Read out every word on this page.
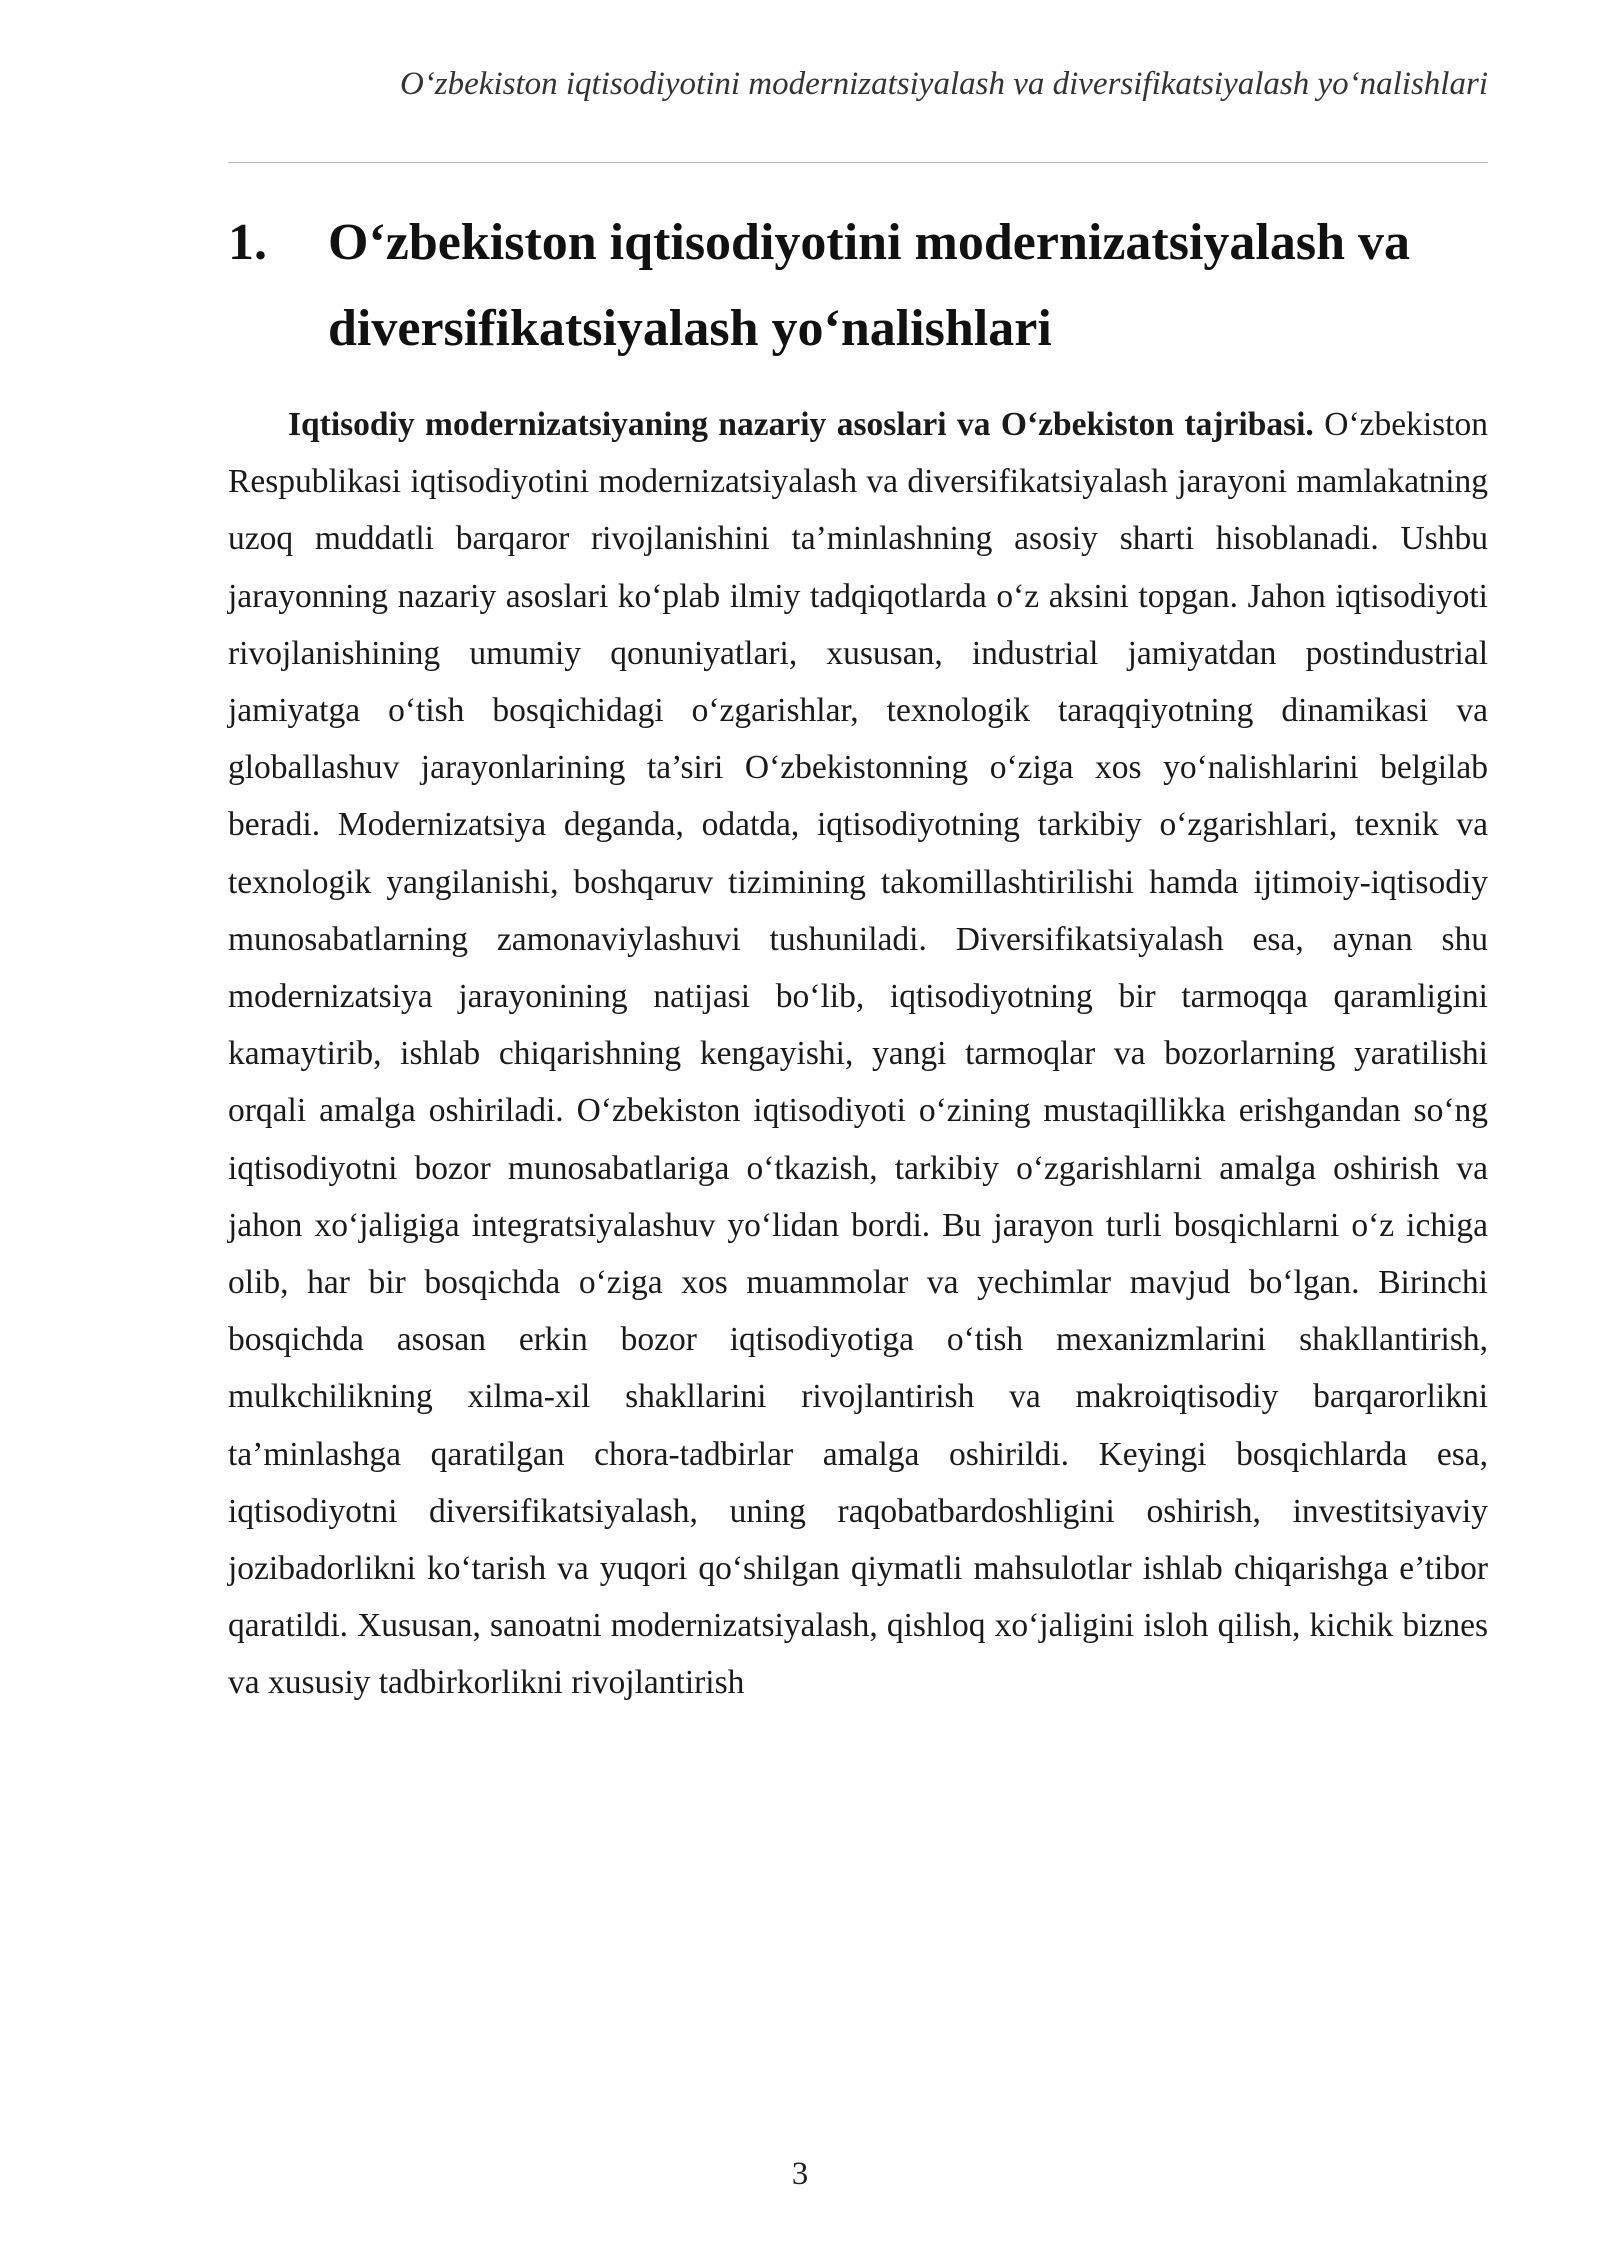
O‘zbekiston iqtisodiyotini modernizatsiyalash va diversifikatsiyalash yo‘nalishlari
1.	O‘zbekiston iqtisodiyotini modernizatsiyalash va diversifikatsiyalash yo‘nalishlari

Iqtisodiy modernizatsiyaning nazariy asoslari va O‘zbekiston tajribasi. O‘zbekiston Respublikasi iqtisodiyotini modernizatsiyalash va diversifikatsiyalash jarayoni mamlakatning uzoq muddatli barqaror rivojlanishini ta’minlashning asosiy sharti hisoblanadi. Ushbu jarayonning nazariy asoslari ko‘plab ilmiy tadqiqotlarda o‘z aksini topgan. Jahon iqtisodiyoti rivojlanishining umumiy qonuniyatlari, xususan, industrial jamiyatdan postindustrial jamiyatga o‘tish bosqichidagi o‘zgarishlar, texnologik taraqqiyotning dinamikasi va globallashuv jarayonlarining ta’siri O‘zbekistonning o‘ziga xos yo‘nalishlarini belgilab beradi. Modernizatsiya deganda, odatda, iqtisodiyotning tarkibiy o‘zgarishlari, texnik va texnologik yangilanishi, boshqaruv tizimining takomillashtirilishi hamda ijtimoiy-iqtisodiy munosabatlarning zamonaviylashuvi tushuniladi. Diversifikatsiyalash esa, aynan shu modernizatsiya jarayonining natijasi bo‘lib, iqtisodiyotning bir tarmoqqa qaramligini kamaytirib, ishlab chiqarishning kengayishi, yangi tarmoqlar va bozorlarning yaratilishi orqali amalga oshiriladi. O‘zbekiston iqtisodiyoti o‘zining mustaqillikka erishgandan so‘ng iqtisodiyotni bozor munosabatlariga o‘tkazish, tarkibiy o‘zgarishlarni amalga oshirish va jahon xo‘jaligiga integratsiyalashuv yo‘lidan bordi. Bu jarayon turli bosqichlarni o‘z ichiga olib, har bir bosqichda o‘ziga xos muammolar va yechimlar mavjud bo‘lgan. Birinchi bosqichda asosan erkin bozor iqtisodiyotiga o‘tish mexanizmlarini shakllantirish, mulkchilikning xilma-xil shakllarini rivojlantirish va makroiqtisodiy barqarorlikni ta’minlashga qaratilgan chora-tadbirlar amalga oshirildi. Keyingi bosqichlarda esa, iqtisodiyotni diversifikatsiyalash, uning raqobatbardoshligini oshirish, investitsiyaviy jozibadorlikni ko‘tarish va yuqori qo‘shilgan qiymatli mahsulotlar ishlab chiqarishga e’tibor qaratildi. Xususan, sanoatni modernizatsiyalash, qishloq xo‘jaligini isloh qilish, kichik biznes va xususiy tadbirkorlikni rivojlantirish

3
